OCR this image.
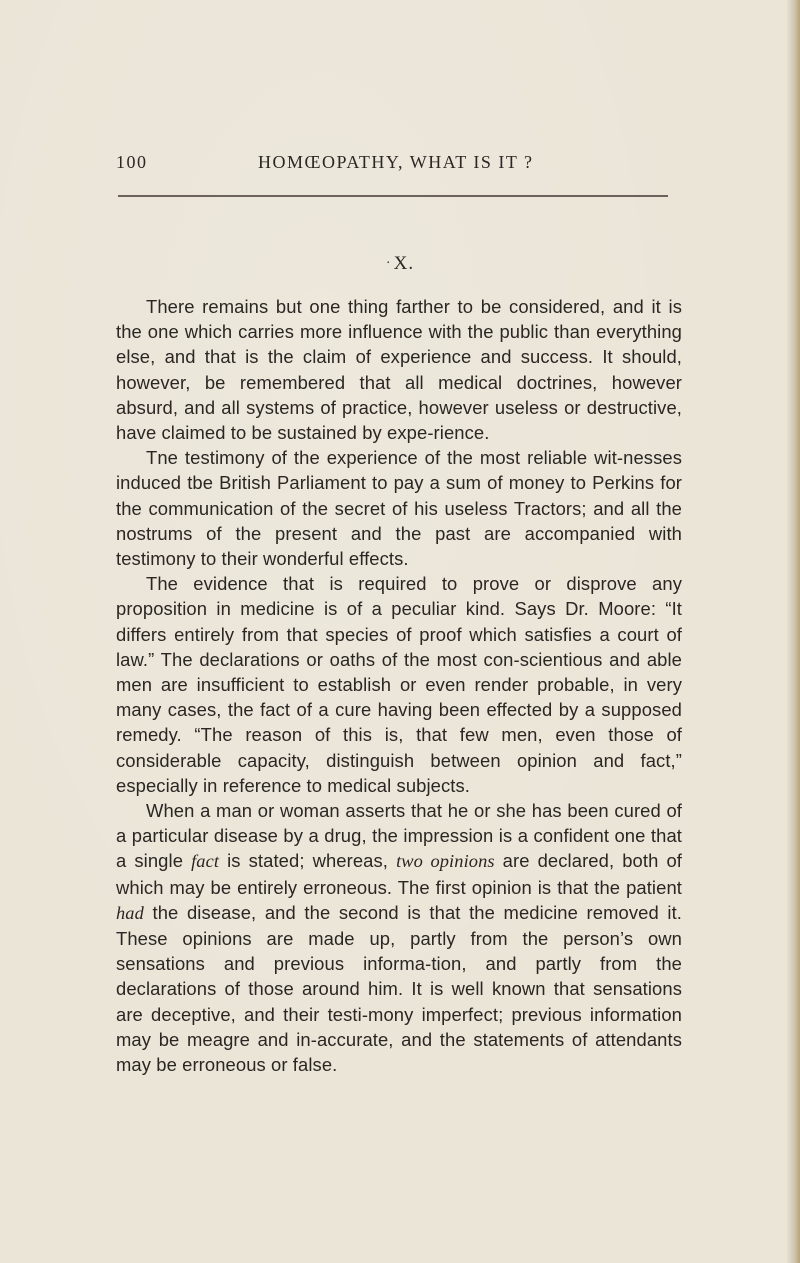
100	HOMŒOPATHY, WHAT IS IT ?
· X.

There remains but one thing farther to be considered, and it is the one which carries more influence with the public than everything else, and that is the claim of experience and success. It should, however, be remembered that all medical doctrines, however absurd, and all systems of practice, however useless or destructive, have claimed to be sustained by expe-rience.

Tne testimony of the experience of the most reliable wit-nesses induced tbe British Parliament to pay a sum of money to Perkins for the communication of the secret of his useless Tractors; and all the nostrums of the present and the past are accompanied with testimony to their wonderful effects.

The evidence that is required to prove or disprove any proposition in medicine is of a peculiar kind. Says Dr. Moore: “It differs entirely from that species of proof which satisfies a court of law.” The declarations or oaths of the most con-scientious and able men are insufficient to establish or even render probable, in very many cases, the fact of a cure having been effected by a supposed remedy. “The reason of this is, that few men, even those of considerable capacity, distinguish between opinion and fact,” especially in reference to medical subjects.

When a man or woman asserts that he or she has been cured of a particular disease by a drug, the impression is a confident one that a single fact is stated; whereas, two opinions are declared, both of which may be entirely erroneous. The first opinion is that the patient had the disease, and the second is that the medicine removed it. These opinions are made up, partly from the person’s own sensations and previous informa-tion, and partly from the declarations of those around him. It is well known that sensations are deceptive, and their testi-mony imperfect; previous information may be meagre and in-accurate, and the statements of attendants may be erroneous or false.
